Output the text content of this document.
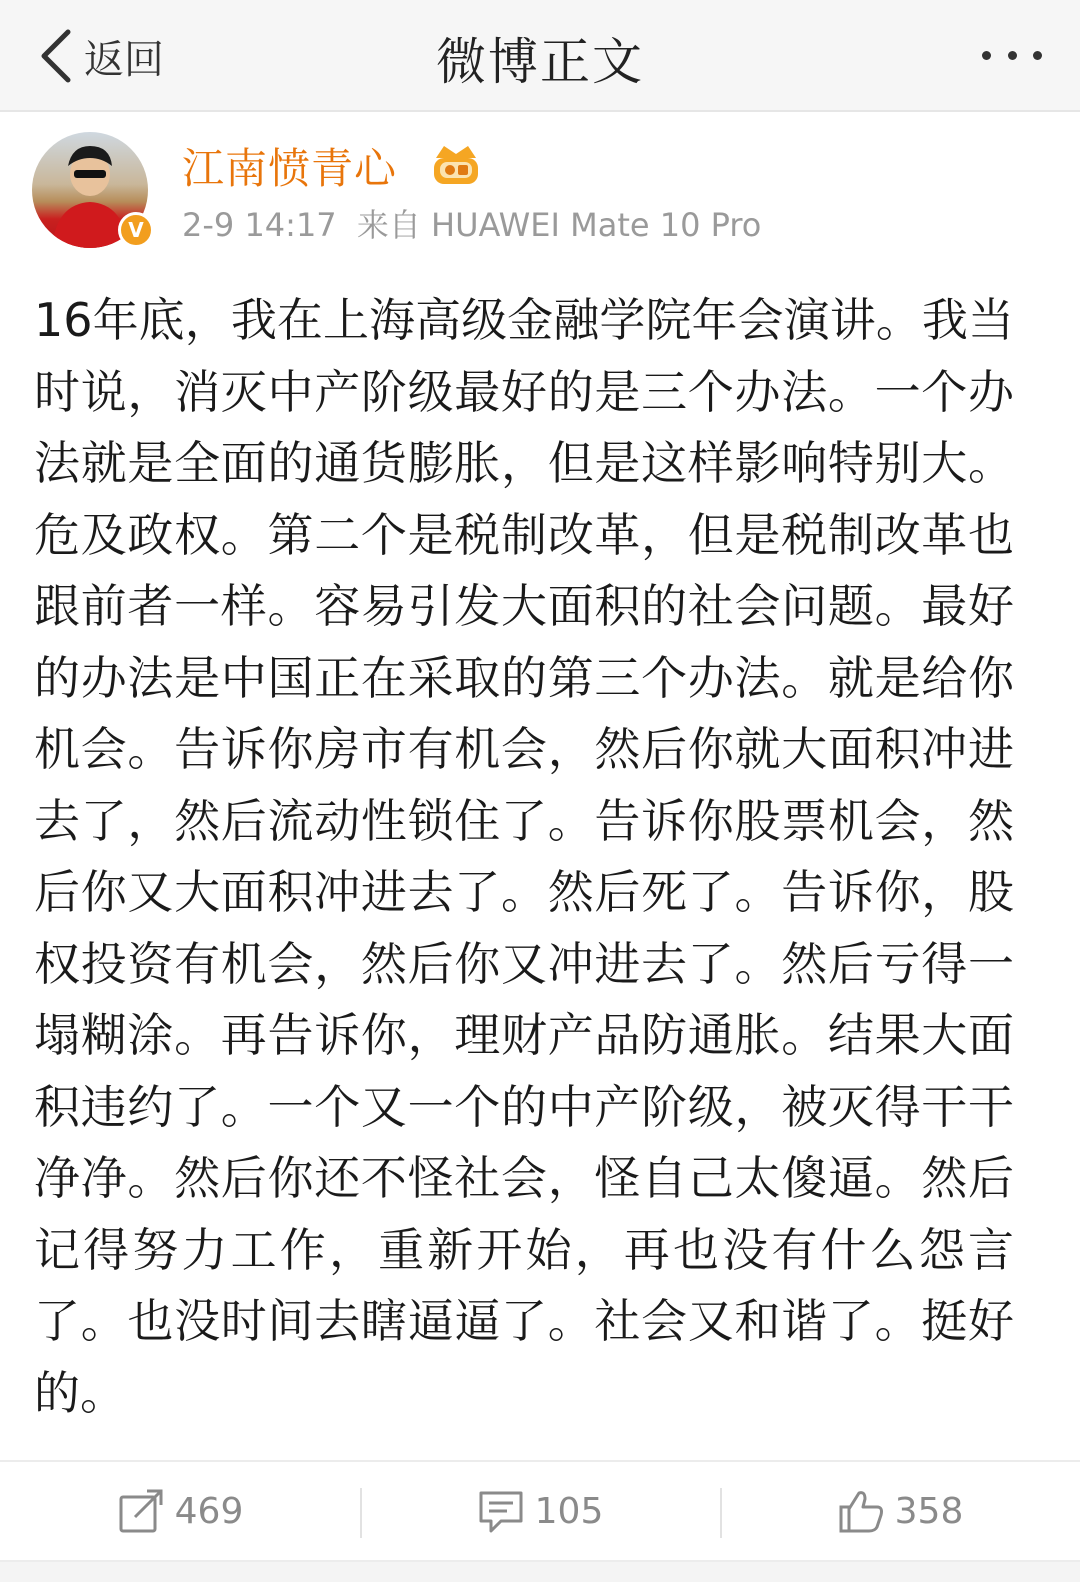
返回	微博正文
V
江南愤青心
2-9 14:17 来自 HUAWEI Mate 10 Pro
16年底，我在上海高级金融学院年会演讲。我当时说，消灭中产阶级最好的是三个办法。一个办法就是全面的通货膨胀，但是这样影响特别大。危及政权。第二个是税制改革，但是税制改革也跟前者一样。容易引发大面积的社会问题。最好的办法是中国正在采取的第三个办法。就是给你机会。告诉你房市有机会，然后你就大面积冲进去了，然后流动性锁住了。告诉你股票机会，然后你又大面积冲进去了。然后死了。告诉你，股权投资有机会，然后你又冲进去了。然后亏得一塌糊涂。再告诉你，理财产品防通胀。结果大面积违约了。一个又一个的中产阶级，被灭得干干净净。然后你还不怪社会，怪自己太傻逼。然后记得努力工作，重新开始，再也没有什么怨言了。也没时间去瞎逼逼了。社会又和谐了。挺好的。
469	105	358
